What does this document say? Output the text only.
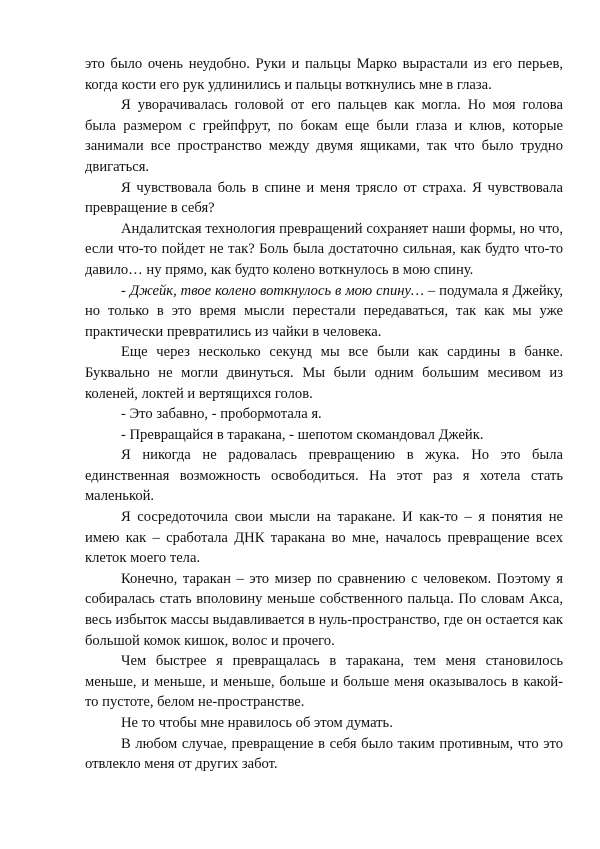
это было очень неудобно. Руки и пальцы Марко вырастали из его перьев, когда кости его рук удлинились и пальцы воткнулись мне в глаза.

Я уворачивалась головой от его пальцев как могла. Но моя голова была размером с грейпфрут, по бокам еще были глаза и клюв, которые занимали все пространство между двумя ящиками, так что было трудно двигаться.

Я чувствовала боль в спине и меня трясло от страха. Я чувствовала превращение в себя?

Андалитская технология превращений сохраняет наши формы, но что, если что-то пойдет не так? Боль была достаточно сильная, как будто что-то давило… ну прямо, как будто колено воткнулось в мою спину.

- Джейк, твое колено воткнулось в мою спину… – подумала я Джейку, но только в это время мысли перестали передаваться, так как мы уже практически превратились из чайки в человека.

Еще через несколько секунд мы все были как сардины в банке. Буквально не могли двинуться. Мы были одним большим месивом из коленей, локтей и вертящихся голов.

- Это забавно, - пробормотала я.

- Превращайся в таракана, - шепотом скомандовал Джейк.

Я никогда не радовалась превращению в жука. Но это была единственная возможность освободиться. На этот раз я хотела стать маленькой.

Я сосредоточила свои мысли на таракане. И как-то – я понятия не имею как – сработала ДНК таракана во мне, началось превращение всех клеток моего тела.

Конечно, таракан – это мизер по сравнению с человеком. Поэтому я собиралась стать вполовину меньше собственного пальца. По словам Акса, весь избыток массы выдавливается в нуль-пространство, где он остается как большой комок кишок, волос и прочего.

Чем быстрее я превращалась в таракана, тем меня становилось меньше, и меньше, и меньше, больше и больше меня оказывалось в какой-то пустоте, белом не-пространстве.

Не то чтобы мне нравилось об этом думать.

В любом случае, превращение в себя было таким противным, что это отвлекло меня от других забот.
